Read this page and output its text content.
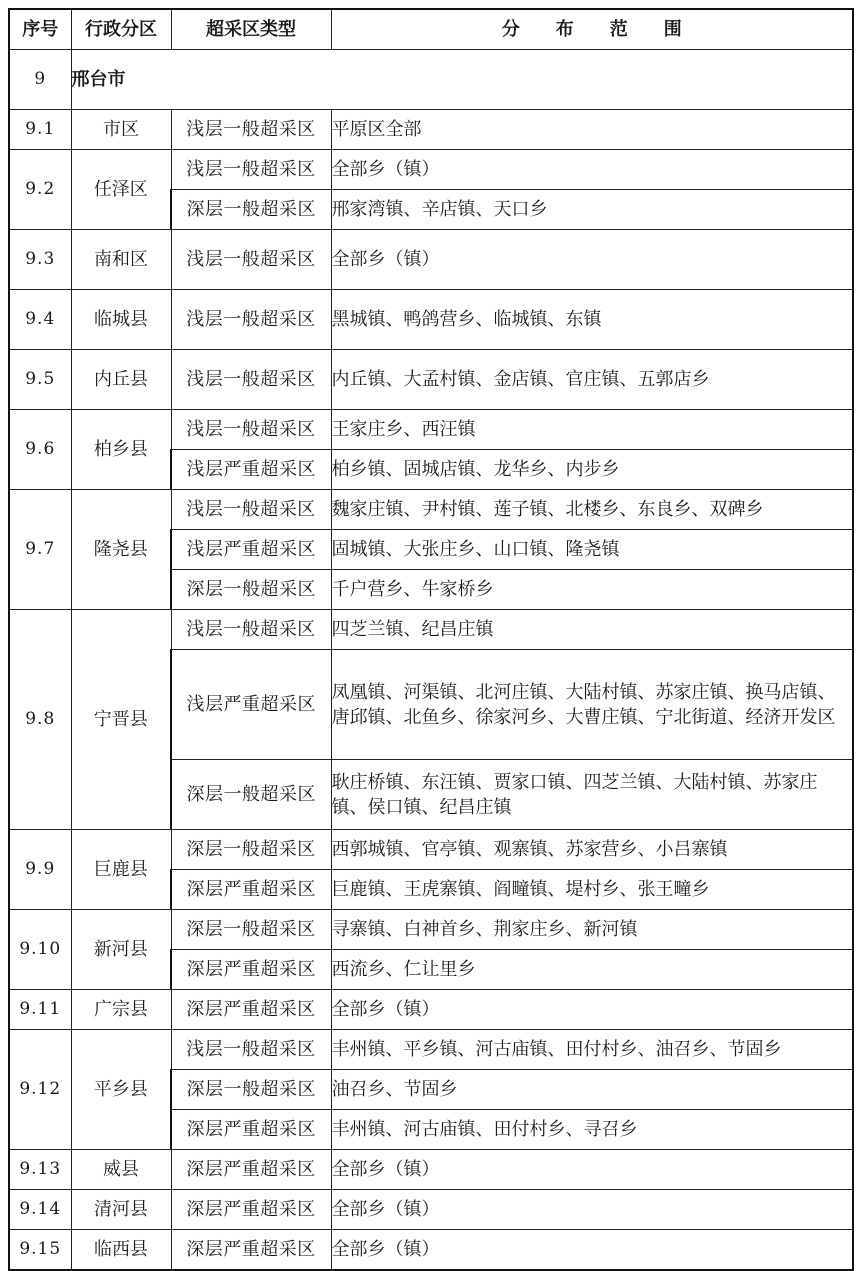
序号	行政分区	超采区类型	分布范围
9	邢台市		
9.1	市区	浅层一般超采区	平原区全部
9.2	任泽区	浅层一般超采区	全部乡（镇）
		深层一般超采区	邢家湾镇、辛店镇、天口乡
9.3	南和区	浅层一般超采区	全部乡（镇）
9.4	临城县	浅层一般超采区	黑城镇、鸭鸽营乡、临城镇、东镇
9.5	内丘县	浅层一般超采区	内丘镇、大孟村镇、金店镇、官庄镇、五郭店乡
9.6	柏乡县	浅层一般超采区	王家庄乡、西汪镇
		浅层严重超采区	柏乡镇、固城店镇、龙华乡、内步乡
9.7	隆尧县	浅层一般超采区	魏家庄镇、尹村镇、莲子镇、北楼乡、东良乡、双碑乡
		浅层严重超采区	固城镇、大张庄乡、山口镇、隆尧镇
		深层一般超采区	千户营乡、牛家桥乡
9.8	宁晋县	浅层一般超采区	四芝兰镇、纪昌庄镇
		浅层严重超采区	凤凰镇、河渠镇、北河庄镇、大陆村镇、苏家庄镇、换马店镇、唐邱镇、北鱼乡、徐家河乡、大曹庄镇、宁北街道、经济开发区
		深层一般超采区	耿庄桥镇、东汪镇、贾家口镇、四芝兰镇、大陆村镇、苏家庄镇、侯口镇、纪昌庄镇
9.9	巨鹿县	深层一般超采区	西郭城镇、官亭镇、观寨镇、苏家营乡、小吕寨镇
		深层严重超采区	巨鹿镇、王虎寨镇、阎疃镇、堤村乡、张王疃乡
9.10	新河县	深层一般超采区	寻寨镇、白神首乡、荆家庄乡、新河镇
		深层严重超采区	西流乡、仁让里乡
9.11	广宗县	深层严重超采区	全部乡（镇）
9.12	平乡县	浅层一般超采区	丰州镇、平乡镇、河古庙镇、田付村乡、油召乡、节固乡
		深层一般超采区	油召乡、节固乡
		深层严重超采区	丰州镇、河古庙镇、田付村乡、寻召乡
9.13	威县	深层严重超采区	全部乡（镇）
9.14	清河县	深层严重超采区	全部乡（镇）
9.15	临西县	深层严重超采区	全部乡（镇）
